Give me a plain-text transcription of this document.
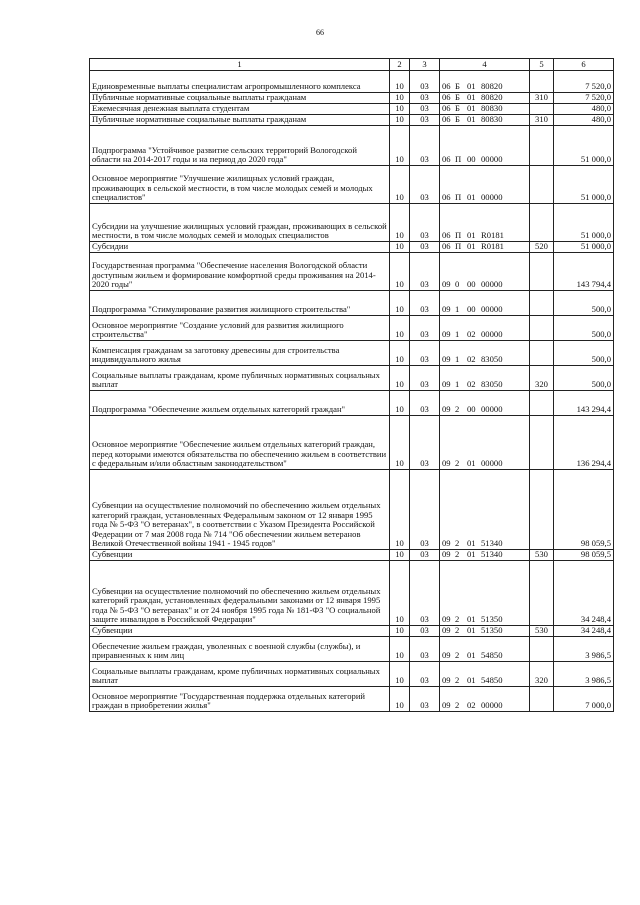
66
1	2	3	4	5	6
Единовременные выплаты специалистам агропромышленного комплекса	10	03	06 Б 01 80820		7 520,0
Публичные нормативные социальные выплаты гражданам	10	03	06 Б 01 80820	310	7 520,0
Ежемесячная денежная выплата студентам	10	03	06 Б 01 80830		480,0
Публичные нормативные социальные выплаты гражданам	10	03	06 Б 01 80830	310	480,0
Подпрограмма "Устойчивое развитие сельских территорий Вологодской области на 2014-2017 годы и на период до 2020 года"	10	03	06 П 00 00000		51 000,0
Основное мероприятие "Улучшение жилищных условий граждан, проживающих в сельской местности, в том числе молодых семей и молодых специалистов"	10	03	06 П 01 00000		51 000,0
Субсидии на улучшение жилищных условий граждан, проживающих в сельской местности, в том числе молодых семей и молодых специалистов	10	03	06 П 01 R0181		51 000,0
Субсидии	10	03	06 П 01 R0181	520	51 000,0
Государственная программа "Обеспечение населения Вологодской области доступным жильем и формирование комфортной среды проживания на 2014-2020 годы"	10	03	09 0 00 00000		143 794,4
Подпрограмма "Стимулирование развития жилищного строительства"	10	03	09 1 00 00000		500,0
Основное мероприятие "Создание условий для развития жилищного строительства"	10	03	09 1 02 00000		500,0
Компенсация гражданам за заготовку древесины для строительства индивидуального жилья	10	03	09 1 02 83050		500,0
Социальные выплаты гражданам, кроме публичных нормативных социальных выплат	10	03	09 1 02 83050	320	500,0
Подпрограмма "Обеспечение жильем отдельных категорий граждан"	10	03	09 2 00 00000		143 294,4
Основное мероприятие "Обеспечение жильем отдельных категорий граждан, перед которыми имеются обязательства по обеспечению жильем в соответствии с федеральным и/или областным законодательством"	10	03	09 2 01 00000		136 294,4
Субвенции на осуществление полномочий по обеспечению жильем отдельных категорий граждан, установленных Федеральным законом от 12 января 1995 года № 5-ФЗ "О ветеранах", в соответствии с Указом Президента Российской Федерации от 7 мая 2008 года № 714 "Об обеспечении жильем ветеранов Великой Отечественной войны 1941 - 1945 годов"	10	03	09 2 01 51340		98 059,5
Субвенции	10	03	09 2 01 51340	530	98 059,5
Субвенции на осуществление полномочий по обеспечению жильем отдельных категорий граждан, установленных федеральными законами от 12 января 1995 года № 5-ФЗ "О ветеранах" и от 24 ноября 1995 года № 181-ФЗ "О социальной защите инвалидов в Российской Федерации"	10	03	09 2 01 51350		34 248,4
Субвенции	10	03	09 2 01 51350	530	34 248,4
Обеспечение жильем граждан, уволенных с военной службы (службы), и приравненных к ним лиц	10	03	09 2 01 54850		3 986,5
Социальные выплаты гражданам, кроме публичных нормативных социальных выплат	10	03	09 2 01 54850	320	3 986,5
Основное мероприятие "Государственная поддержка отдельных категорий граждан в приобретении жилья"	10	03	09 2 02 00000		7 000,0
